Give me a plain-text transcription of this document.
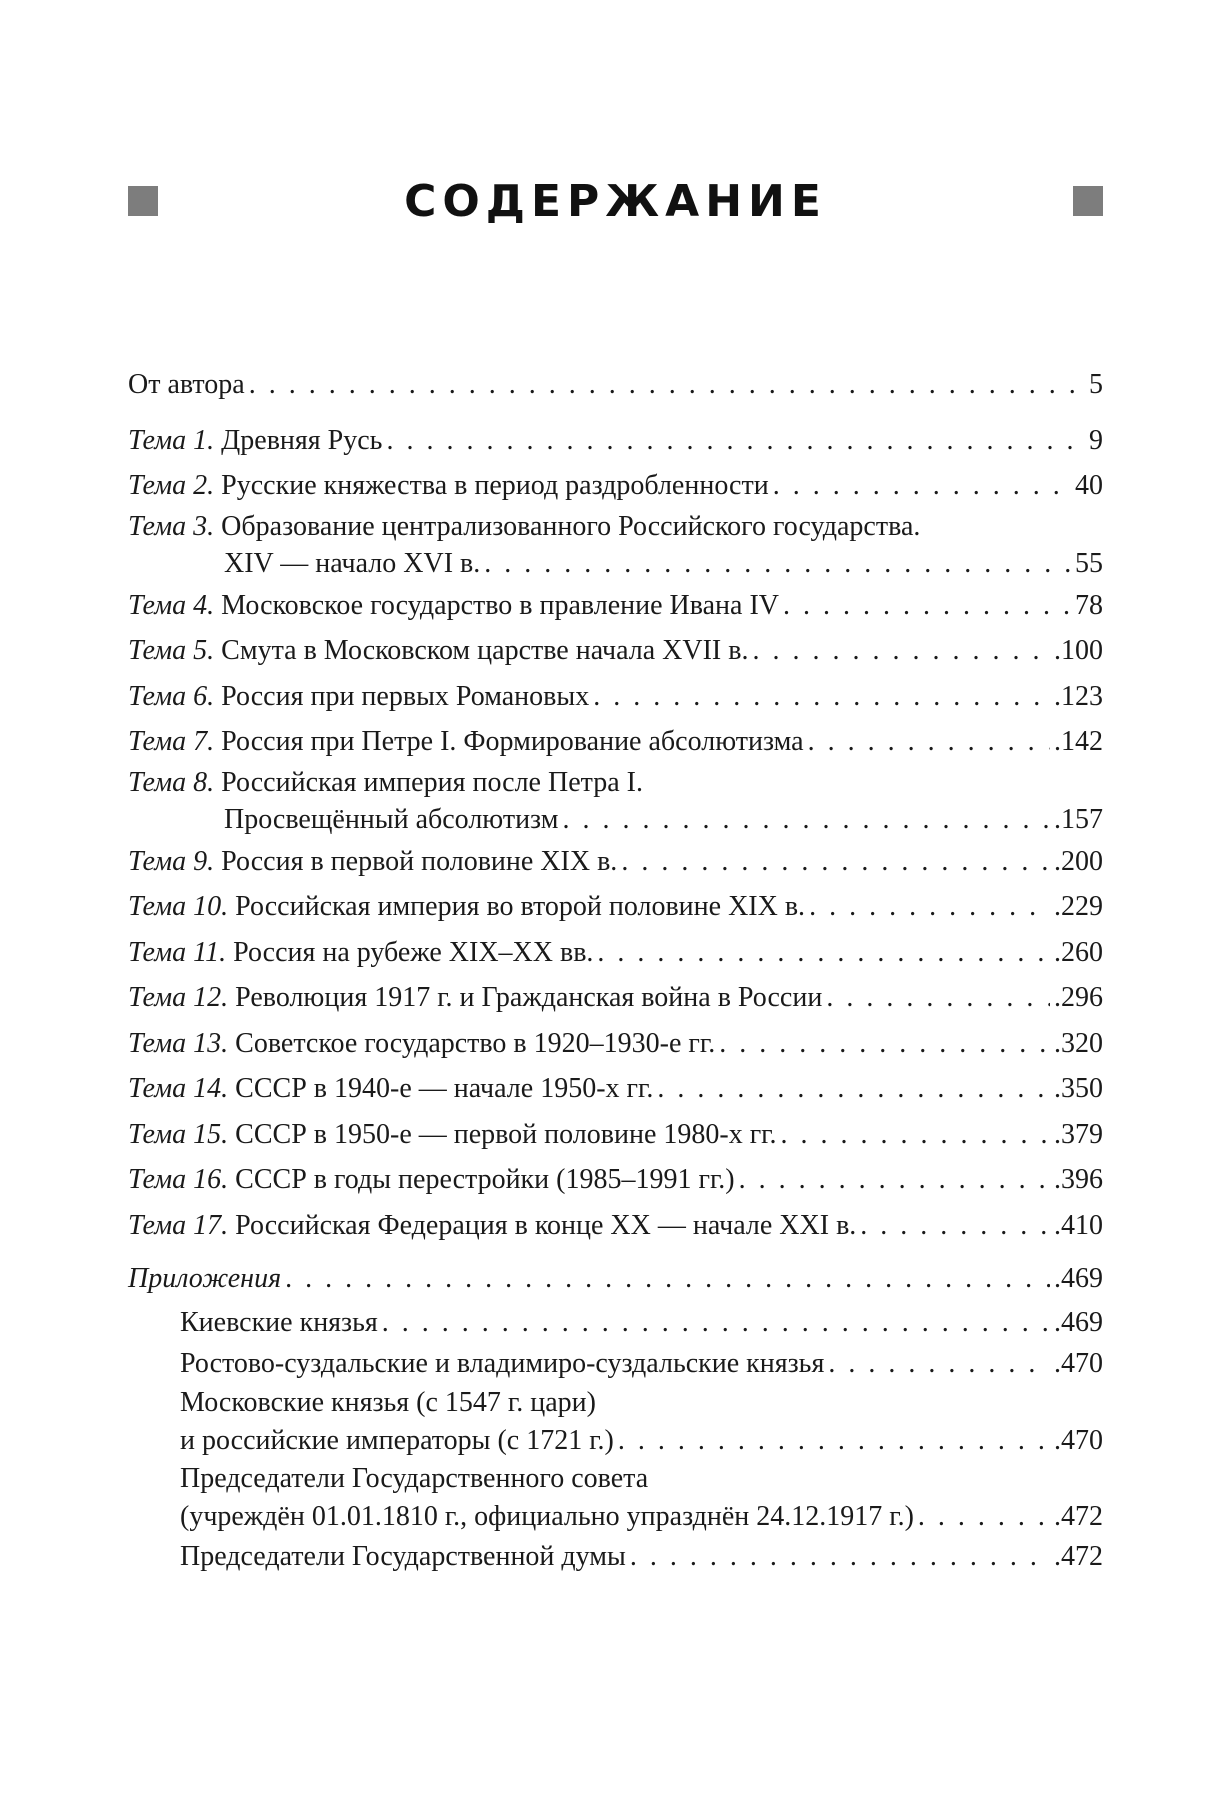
СОДЕРЖАНИЕ
От автора . . .	5
Тема 1. Древняя Русь . . .	9
Тема 2. Русские княжества в период раздробленности . . .	40
Тема 3. Образование централизованного Российского государства.
XIV — начало XVI в. . . .	55
Тема 4. Московское государство в правление Ивана IV . . .	78
Тема 5. Смута в Московском царстве начала XVII в. . . .	.100
Тема 6. Россия при первых Романовых . . .	.123
Тема 7. Россия при Петре I. Формирование абсолютизма . . .	.142
Тема 8. Российская империя после Петра I.
Просвещённый абсолютизм . . .	.157
Тема 9. Россия в первой половине XIX в. . . .	.200
Тема 10. Российская империя во второй половине XIX в. . . .	.229
Тема 11. Россия на рубеже XIX–XX вв. . . .	.260
Тема 12. Революция 1917 г. и Гражданская война в России . . .	.296
Тема 13. Советское государство в 1920–1930-е гг. . . .	.320
Тема 14. СССР в 1940-е — начале 1950-х гг. . . .	.350
Тема 15. СССР в 1950-е — первой половине 1980-х гг. . . .	.379
Тема 16. СССР в годы перестройки (1985–1991 гг.) . . .	.396
Тема 17. Российская Федерация в конце XX — начале XXI в. . . .	.410
Приложения . . .	.469
Киевские князья . . .	.469
Ростово-суздальские и владимиро-суздальские князья . . .	.470
Московские князья (с 1547 г. цари)
и российские императоры (с 1721 г.) . . .	.470
Председатели Государственного совета
(учреждён 01.01.1810 г., официально упразднён 24.12.1917 г.) . . .	.472
Председатели Государственной думы . . .	.472
